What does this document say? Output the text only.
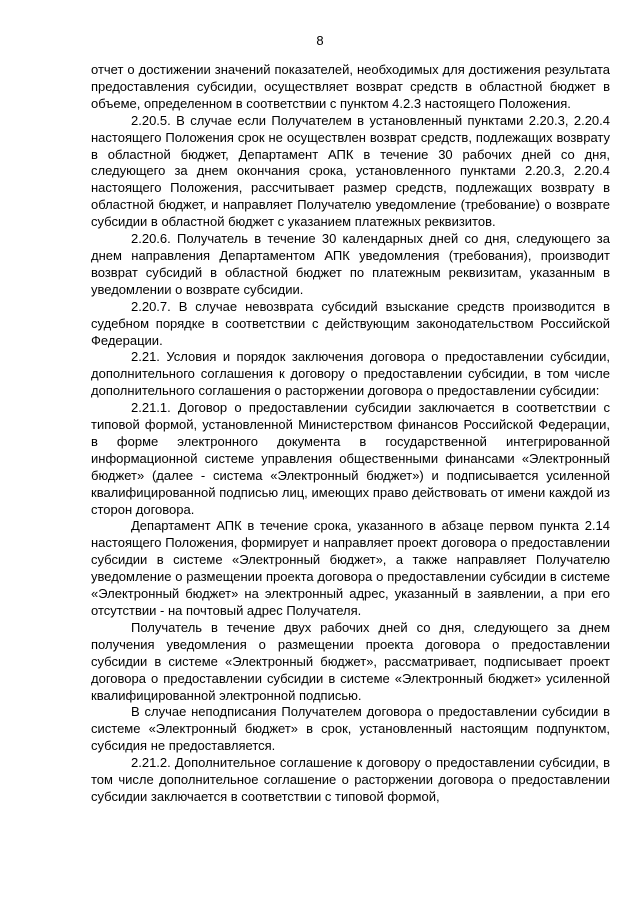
8

отчет о достижении значений показателей, необходимых для достижения результата предоставления субсидии, осуществляет возврат средств в областной бюджет в объеме, определенном в соответствии с пунктом 4.2.3 настоящего Положения.

2.20.5. В случае если Получателем в установленный пунктами 2.20.3, 2.20.4 настоящего Положения срок не осуществлен возврат средств, подлежащих возврату в областной бюджет, Департамент АПК в течение 30 рабочих дней со дня, следующего за днем окончания срока, установленного пунктами 2.20.3, 2.20.4 настоящего Положения, рассчитывает размер средств, подлежащих возврату в областной бюджет, и направляет Получателю уведомление (требование) о возврате субсидии в областной бюджет с указанием платежных реквизитов.

2.20.6. Получатель в течение 30 календарных дней со дня, следующего за днем направления Департаментом АПК уведомления (требования), производит возврат субсидий в областной бюджет по платежным реквизитам, указанным в уведомлении о возврате субсидии.

2.20.7. В случае невозврата субсидий взыскание средств производится в судебном порядке в соответствии с действующим законодательством Российской Федерации.

2.21. Условия и порядок заключения договора о предоставлении субсидии, дополнительного соглашения к договору о предоставлении субсидии, в том числе дополнительного соглашения о расторжении договора о предоставлении субсидии:

2.21.1. Договор о предоставлении субсидии заключается в соответствии с типовой формой, установленной Министерством финансов Российской Федерации, в форме электронного документа в государственной интегрированной информационной системе управления общественными финансами «Электронный бюджет» (далее - система «Электронный бюджет») и подписывается усиленной квалифицированной подписью лиц, имеющих право действовать от имени каждой из сторон договора.

Департамент АПК в течение срока, указанного в абзаце первом пункта 2.14 настоящего Положения, формирует и направляет проект договора о предоставлении субсидии в системе «Электронный бюджет», а также направляет Получателю уведомление о размещении проекта договора о предоставлении субсидии в системе «Электронный бюджет» на электронный адрес, указанный в заявлении, а при его отсутствии - на почтовый адрес Получателя.

Получатель в течение двух рабочих дней со дня, следующего за днем получения уведомления о размещении проекта договора о предоставлении субсидии в системе «Электронный бюджет», рассматривает, подписывает проект договора о предоставлении субсидии в системе «Электронный бюджет» усиленной квалифицированной электронной подписью.

В случае неподписания Получателем договора о предоставлении субсидии в системе «Электронный бюджет» в срок, установленный настоящим подпунктом, субсидия не предоставляется.

2.21.2. Дополнительное соглашение к договору о предоставлении субсидии, в том числе дополнительное соглашение о расторжении договора о предоставлении субсидии заключается в соответствии с типовой формой,
